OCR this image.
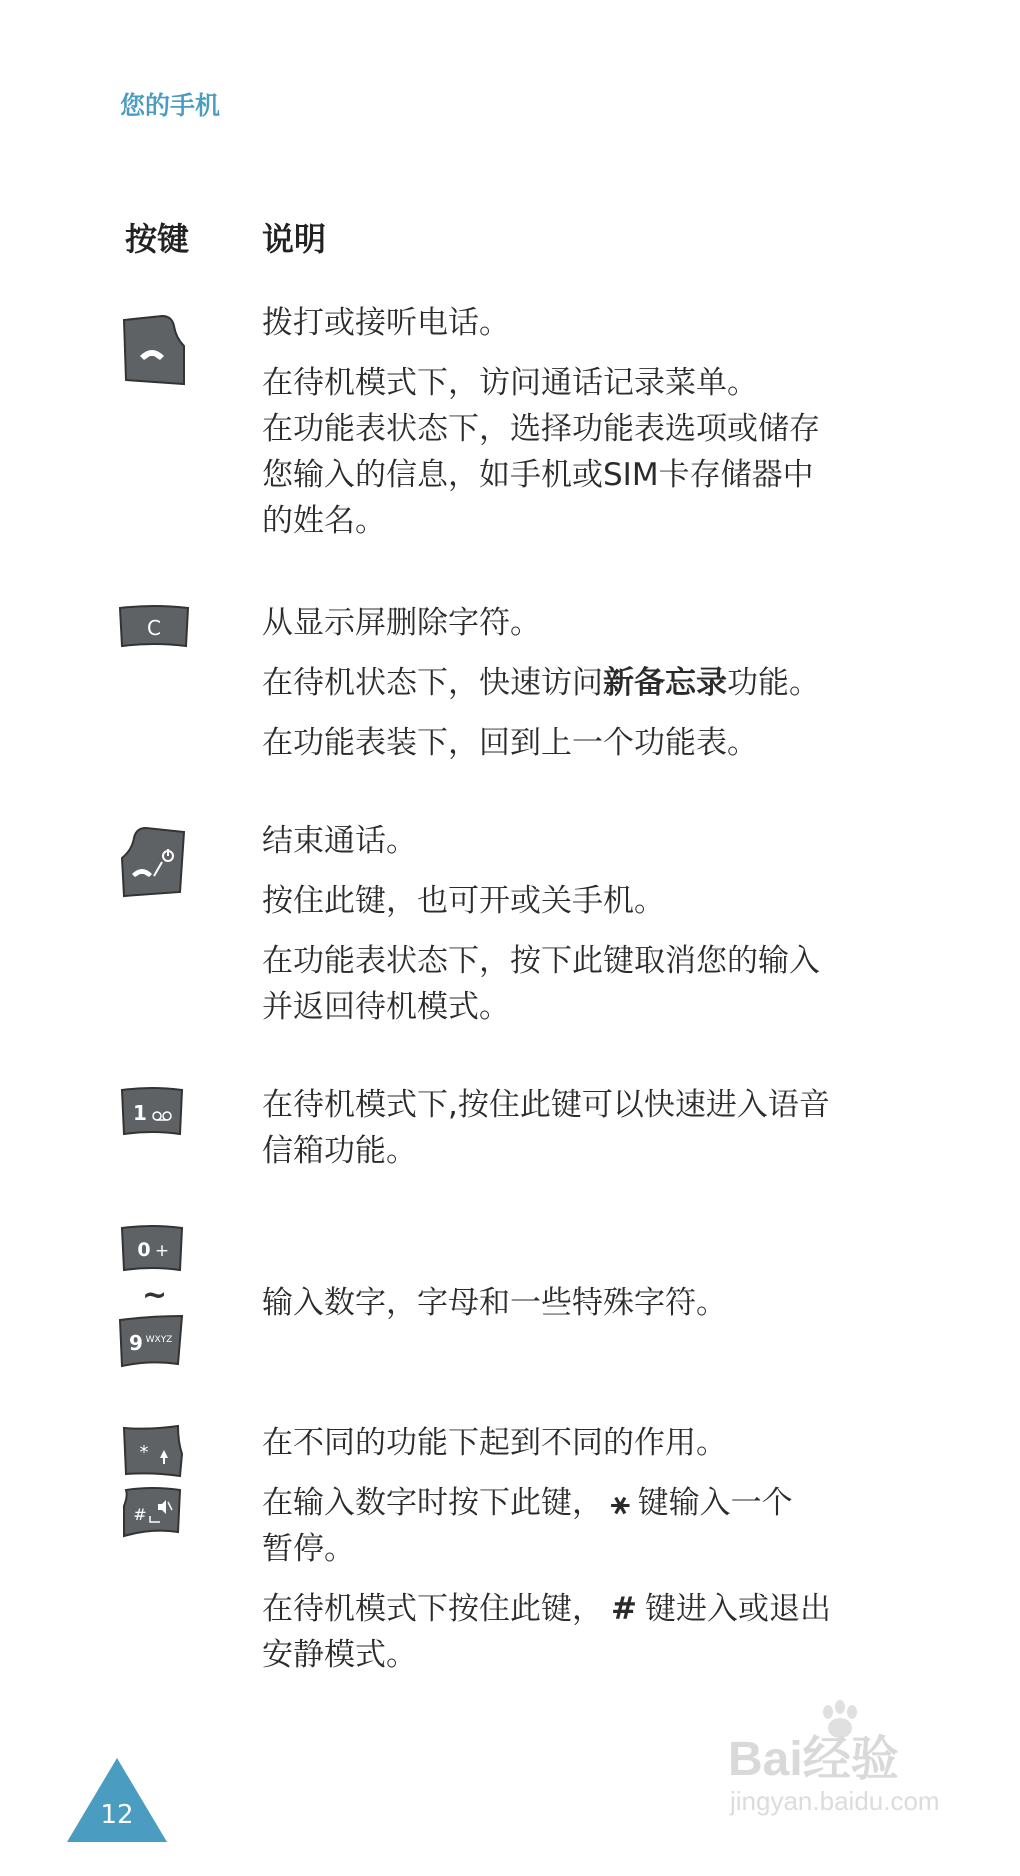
您的手机
按键 说明
拨打或接听电话。
在待机模式下，访问通话记录菜单。
在功能表状态下，选择功能表选项或储存
您输入的信息，如手机或SIM卡存储器中
的姓名。
C	从显示屏删除字符。
在待机状态下，快速访问新备忘录功能。
在功能表装下，回到上一个功能表。
结束通话。
按住此键，也可开或关手机。
在功能表状态下，按下此键取消您的输入
并返回待机模式。
1	在待机模式下,按住此键可以快速进入语音
信箱功能。
0 +
~
9 WXYZ
输入数字，字母和一些特殊字符。
*
#
在不同的功能下起到不同的作用。
在输入数字时按下此键， ⚹ 键输入一个
暂停。
在待机模式下按住此键， # 键进入或退出
安静模式。
12
Bai经验
jingyan.baidu.com
